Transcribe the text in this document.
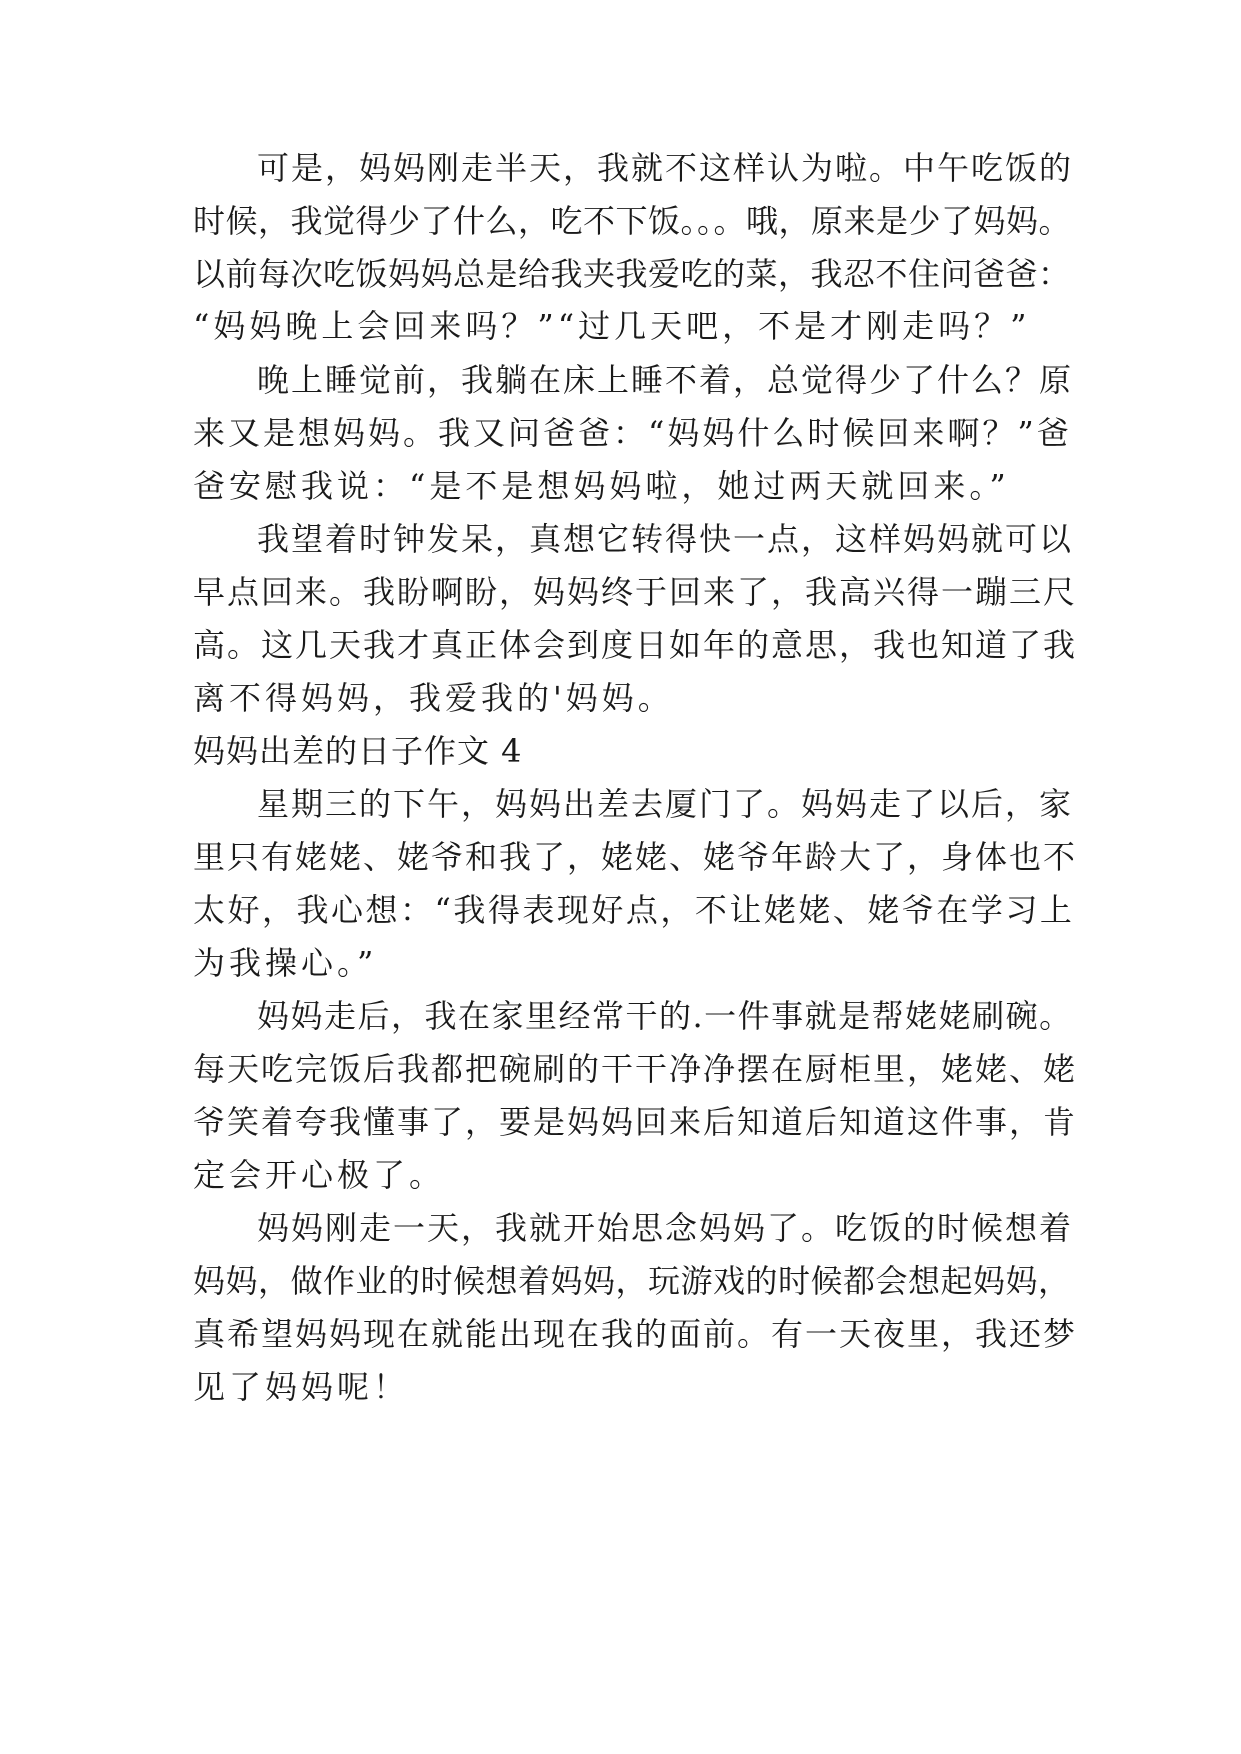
可是，妈妈刚走半天，我就不这样认为啦。中午吃饭的
时候，我觉得少了什么，吃不下饭。。。哦，原来是少了妈妈。
以前每次吃饭妈妈总是给我夹我爱吃的菜，我忍不住问爸爸：
“妈妈晚上会回来吗？”“过几天吧，不是才刚走吗？”
晚上睡觉前，我躺在床上睡不着，总觉得少了什么？原
来又是想妈妈。我又问爸爸：“妈妈什么时候回来啊？”爸
爸安慰我说：“是不是想妈妈啦，她过两天就回来。”
我望着时钟发呆，真想它转得快一点，这样妈妈就可以
早点回来。我盼啊盼，妈妈终于回来了，我高兴得一蹦三尺
高。这几天我才真正体会到度日如年的意思，我也知道了我
离不得妈妈，我爱我的'妈妈。
妈妈出差的日子作文 4
星期三的下午，妈妈出差去厦门了。妈妈走了以后，家
里只有姥姥、姥爷和我了，姥姥、姥爷年龄大了，身体也不
太好，我心想：“我得表现好点，不让姥姥、姥爷在学习上
为我操心。”
妈妈走后，我在家里经常干的.一件事就是帮姥姥刷碗。
每天吃完饭后我都把碗刷的干干净净摆在厨柜里，姥姥、姥
爷笑着夸我懂事了，要是妈妈回来后知道后知道这件事，肯
定会开心极了。
妈妈刚走一天，我就开始思念妈妈了。吃饭的时候想着
妈妈，做作业的时候想着妈妈，玩游戏的时候都会想起妈妈，
真希望妈妈现在就能出现在我的面前。有一天夜里，我还梦
见了妈妈呢！
